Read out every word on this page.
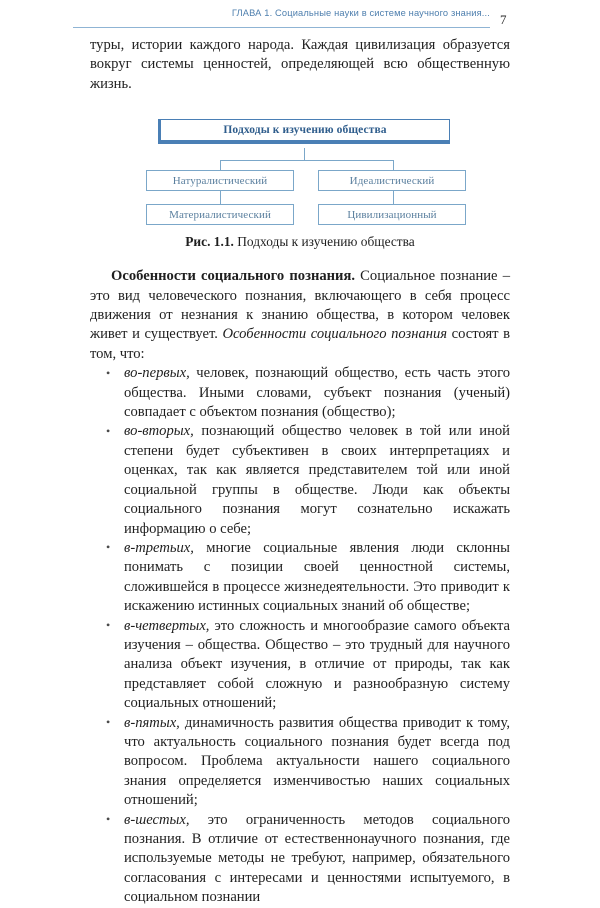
ГЛАВА 1. Социальные науки в системе научного знания... 7

туры, истории каждого народа. Каждая цивилизация образуется вокруг системы ценностей, определяющей всю общественную жизнь.

Подходы к изучению общества
Натуралистический	Идеалистический
Материалистический	Цивилизационный

Рис. 1.1. Подходы к изучению общества

Особенности социального познания. Социальное познание – это вид человеческого познания, включающего в себя процесс движения от незнания к знанию общества, в котором человек живет и существует. Особенности социального познания состоят в том, что:

• во-первых, человек, познающий общество, есть часть этого общества. Иными словами, субъект познания (ученый) совпадает с объектом познания (общество);
• во-вторых, познающий общество человек в той или иной степени будет субъективен в своих интерпретациях и оценках, так как является представителем той или иной социальной группы в обществе. Люди как объекты социального познания могут сознательно искажать информацию о себе;
• в-третьих, многие социальные явления люди склонны понимать с позиции своей ценностной системы, сложившейся в процессе жизнедеятельности. Это приводит к искажению истинных социальных знаний об обществе;
• в-четвертых, это сложность и многообразие самого объекта изучения – общества. Общество – это трудный для научного анализа объект изучения, в отличие от природы, так как представляет собой сложную и разнообразную систему социальных отношений;
• в-пятых, динамичность развития общества приводит к тому, что актуальность социального познания будет всегда под вопросом. Проблема актуальности нашего социального знания определяется изменчивостью наших социальных отношений;
• в-шестых, это ограниченность методов социального познания. В отличие от естественнонаучного познания, где используемые методы не требуют, например, обязательного согласования с интересами и ценностями испытуемого, в социальном познании
